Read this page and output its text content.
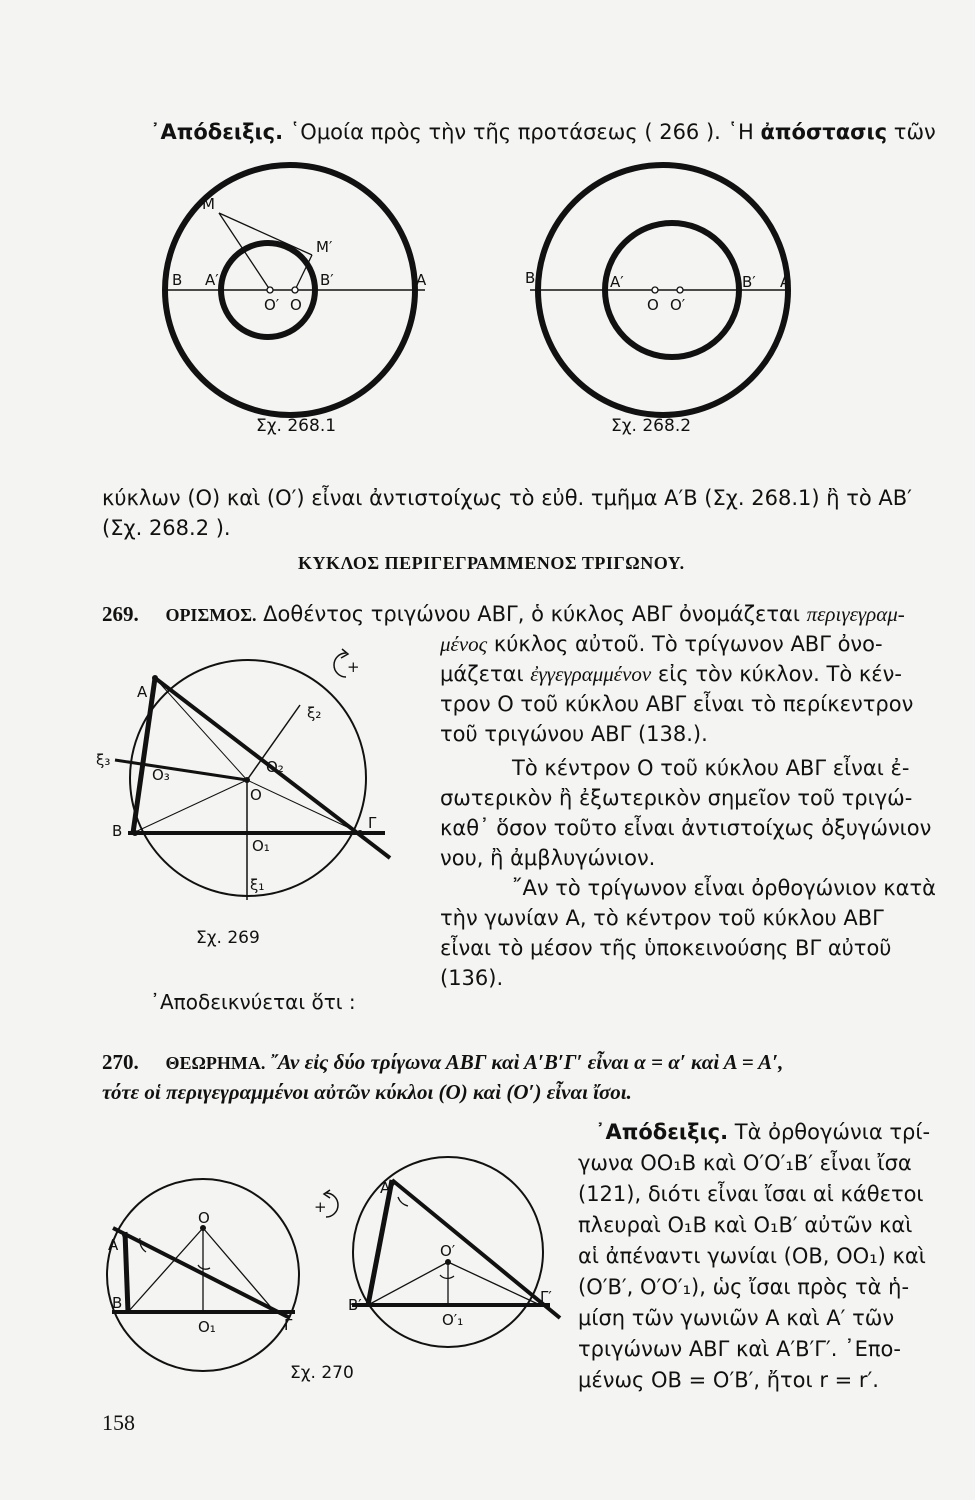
᾿Απόδειξις. ῾Ομοία πρὸς τὴν τῆς προτάσεως ( 266 ). ῾Η ἀπόστασις τῶν
M
M′
B A′	B′	A
O′ O
B	A′	B′ A
O O′
Σχ. 268.1	Σχ. 268.2
κύκλων (O) καὶ (O′) εἶναι ἀντιστοίχως τὸ εὐθ. τμῆμα A′B (Σχ. 268.1) ἢ τὸ AB′
(Σχ. 268.2 ).
ΚΥΚΛΟΣ ΠΕΡΙΓΕΓΡΑΜΜΕΝΟΣ ΤΡΙΓΩΝΟΥ.
269. ΟΡΙΣΜΟΣ. Δοθέντος τριγώνου ΑΒΓ, ὁ κύκλος ΑΒΓ ὀνομάζεται περιγεγραμ-
μένος κύκλος αὐτοῦ. Τὸ τρίγωνον ΑΒΓ ὀνο-
μάζεται ἐγγεγραμμένον εἰς τὸν κύκλον. Τὸ κέν-
τρον Ο τοῦ κύκλου ΑΒΓ εἶναι τὸ περίκεντρον
τοῦ τριγώνου ΑΒΓ (138.).
Τὸ κέντρον Ο τοῦ κύκλου ΑΒΓ εἶναι ἐ-
σωτερικὸν ἢ ἐξωτερικὸν σημεῖον τοῦ τριγώ-
καθ᾿ ὅσον τοῦτο εἶναι ἀντιστοίχως ὀξυγώνιον
νου, ἢ ἀμβλυγώνιον.
῎Αν τὸ τρίγωνον εἶναι ὀρθογώνιον κατὰ
τὴν γωνίαν Α, τὸ κέντρον τοῦ κύκλου ΑΒΓ
εἶναι τὸ μέσον τῆς ὑποκεινούσης ΒΓ αὐτοῦ
(136).
A
B	Γ
O
O₁
O₂
O₃
ξ₁
ξ₂
ξ₃
+
Σχ. 269
᾿Αποδεικνύεται ὅτι :
270. ΘΕΩΡΗΜΑ. ῎Αν εἰς δύο τρίγωνα ΑΒΓ καὶ Α′Β′Γ′ εἶναι α = α′ καὶ Α = Α′,
τότε οἱ περιγεγραμμένοι αὐτῶν κύκλοι (Ο) καὶ (Ο′) εἶναι ἴσοι.
᾿Απόδειξις. Τὰ ὀρθογώνια τρί-
γωνα ΟΟ₁Β καὶ Ο′Ο′₁Β′ εἶναι ἴσα
(121), διότι εἶναι ἴσαι αἱ κάθετοι
πλευραὶ Ο₁Β καὶ Ο₁Β′ αὐτῶν καὶ
αἱ ἀπέναντι γωνίαι (ΟΒ, ΟΟ₁) καὶ
(Ο′Β′, Ο′Ο′₁), ὡς ἴσαι πρὸς τὰ ἡ-
μίση τῶν γωνιῶν Α καὶ Α′ τῶν
τριγώνων ΑΒΓ καὶ Α′Β′Γ′. ᾿Επο-
μένως ΟΒ = Ο′Β′, ἤτοι r = r′.
A
B
Γ
O
O₁
+
A′
B′	Γ′
O′
O′₁
Σχ. 270
158
